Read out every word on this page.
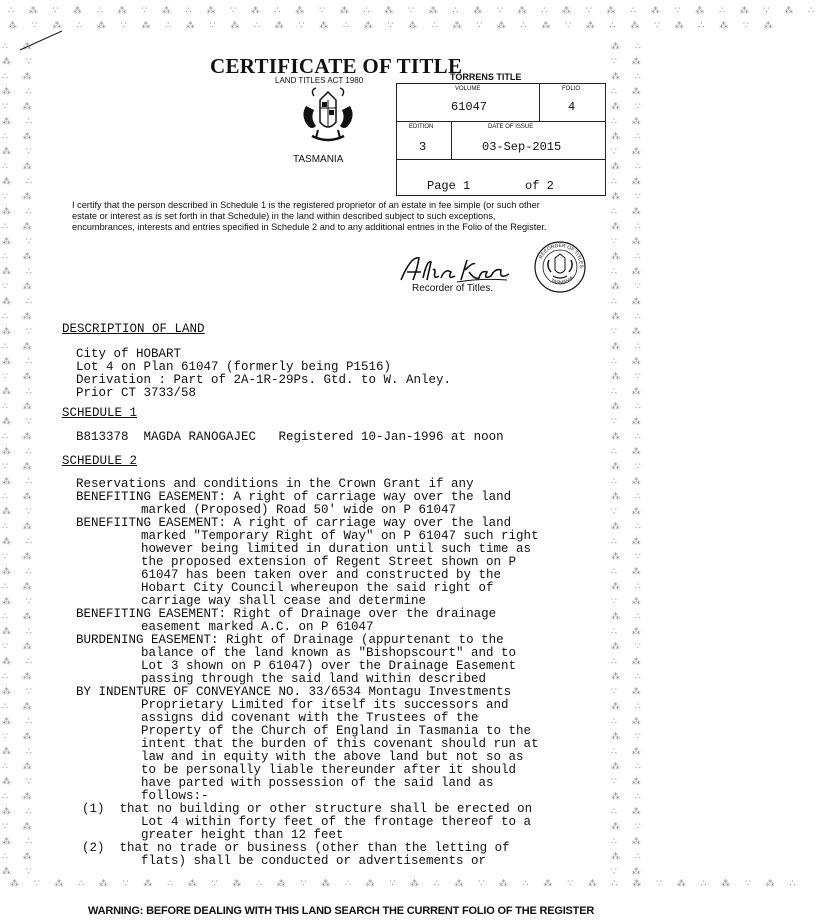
∴ ⁂ ∵ ⁂ ∴ ⁂ ∵ ⁂ ∴ ⁂ ∵ ⁂ ∴ ⁂ ∵ ⁂ ∴ ⁂ ∵ ⁂ ∴ ⁂ ∵ ⁂ ∴ ⁂ ∵ ⁂ ∴ ⁂ ∵ ⁂ ∴ ⁂ ∵ ⁂ ∴
⁂ ∵ ⁂ ∴ ⁂ ∵ ⁂ ∴ ⁂ ∵ ⁂ ∴ ⁂ ∵ ⁂ ∴ ⁂ ∵ ⁂ ∴ ⁂ ∵ ⁂ ∴ ⁂ ∵ ⁂ ∴ ⁂ ∵ ⁂ ∴ ⁂ ∵ ⁂
∴ ⁂
⁂ ∵
∴ ⁂
⁂ ∴
∵ ⁂
⁂ ∴
∴ ⁂
⁂ ∵
∴ ⁂
⁂ ∴
∵ ⁂
⁂ ∴
∴ ⁂
⁂ ∵
∴ ⁂
⁂ ∴
∵ ⁂
⁂ ∴
∴ ⁂
⁂ ∵
∴ ⁂
⁂ ∴
∵ ⁂
⁂ ∴
∴ ⁂
⁂ ∵
∴ ⁂
⁂ ∴
∵ ⁂
⁂ ∴
∴ ⁂
⁂ ∵
∴ ⁂
⁂ ∴
∵ ⁂
⁂ ∴
∴ ⁂
⁂ ∵
∴ ⁂
⁂ ∴
∵ ⁂
⁂ ∴
∴ ⁂
⁂ ∵
∴ ⁂
⁂ ∴
∵ ⁂
⁂ ∴
∴ ⁂
⁂ ∵
∴ ⁂
⁂ ∴
∵ ⁂
⁂ ∴
∴ ⁂
⁂ ∵
⁂ ∴
∵ ⁂
⁂ ∴
∴ ⁂
⁂ ∵
∴ ⁂
⁂ ∴
∵ ⁂
⁂ ∴
∴ ⁂
⁂ ∵
∴ ⁂
⁂ ∴
∵ ⁂
⁂ ∴
∴ ⁂
⁂ ∵
∴ ⁂
⁂ ∴
∵ ⁂
⁂ ∴
∴ ⁂
⁂ ∵
∴ ⁂
⁂ ∴
∵ ⁂
⁂ ∴
∴ ⁂
⁂ ∵
∴ ⁂
⁂ ∴
∵ ⁂
⁂ ∴
∴ ⁂
⁂ ∵
∴ ⁂
⁂ ∴
∵ ⁂
⁂ ∴
∴ ⁂
⁂ ∵
∴ ⁂
⁂ ∴
∵ ⁂
⁂ ∴
∴ ⁂
⁂ ∵
∴ ⁂
⁂ ∴
∵ ⁂
⁂ ∴
∴ ⁂
⁂ ∵
∴ ⁂
⁂ ∴
∵ ⁂
⁂ ∵ ⁂ ∴ ⁂ ∵ ⁂ ∴ ⁂ ∵ ⁂ ∴ ⁂ ∵ ⁂ ∴ ⁂ ∵ ⁂ ∴ ⁂ ∵ ⁂ ∴ ⁂ ∵ ⁂ ∴ ⁂ ∵ ⁂ ∴ ⁂ ∵ ⁂ ∴
CERTIFICATE OF TITLE
LAND TITLES ACT 1980
TASMANIA
TORRENS TITLE
VOLUME
61047
FOLIO
4
EDITION
3
DATE OF ISSUE
03-Sep-2015
Page 1	of 2
I certify that the person described in Schedule 1 is the registered proprietor of an estate in fee simple (or such other
estate or interest as is set forth in that Schedule) in the land within described subject to such exceptions,
encumbrances, interests and entries specified in Schedule 2 and to any additional entries in the Folio of the Register.
Recorder of Titles.
RECORDER OF TITLES
TASMANIA
DESCRIPTION OF LAND
City of HOBART
Lot 4 on Plan 61047 (formerly being P1516)
Derivation : Part of 2A-1R-29Ps. Gtd. to W. Anley.
Prior CT 3733/58
SCHEDULE 1
B813378  MAGDA RANOGAJEC   Registered 10-Jan-1996 at noon
SCHEDULE 2
Reservations and conditions in the Crown Grant if any
BENEFITING EASEMENT: A right of carriage way over the land
marked (Proposed) Road 50′ wide on P 61047
BENEFIITNG EASEMENT: A right of carriage way over the land
marked "Temporary Right of Way" on P 61047 such right
however being limited in duration until such time as
the proposed extension of Regent Street shown on P
61047 has been taken over and constructed by the
Hobart City Council whereupon the said right of
carriage way shall cease and determine
BENEFITING EASEMENT: Right of Drainage over the drainage
easement marked A.C. on P 61047
BURDENING EASEMENT: Right of Drainage (appurtenant to the
balance of the land known as "Bishopscourt" and to
Lot 3 shown on P 61047) over the Drainage Easement
passing through the said land within described
BY INDENTURE OF CONVEYANCE NO. 33/6534 Montagu Investments
Proprietary Limited for itself its successors and
assigns did covenant with the Trustees of the
Property of the Church of England in Tasmania to the
intent that the burden of this covenant should run at
law and in equity with the above land but not so as
to be personally liable thereunder after it should
have parted with possession of the said land as
follows:-
(1)  that no building or other structure shall be erected on
Lot 4 within forty feet of the frontage thereof to a
greater height than 12 feet
(2)  that no trade or business (other than the letting of
flats) shall be conducted or advertisements or
WARNING: BEFORE DEALING WITH THIS LAND SEARCH THE CURRENT FOLIO OF THE REGISTER
